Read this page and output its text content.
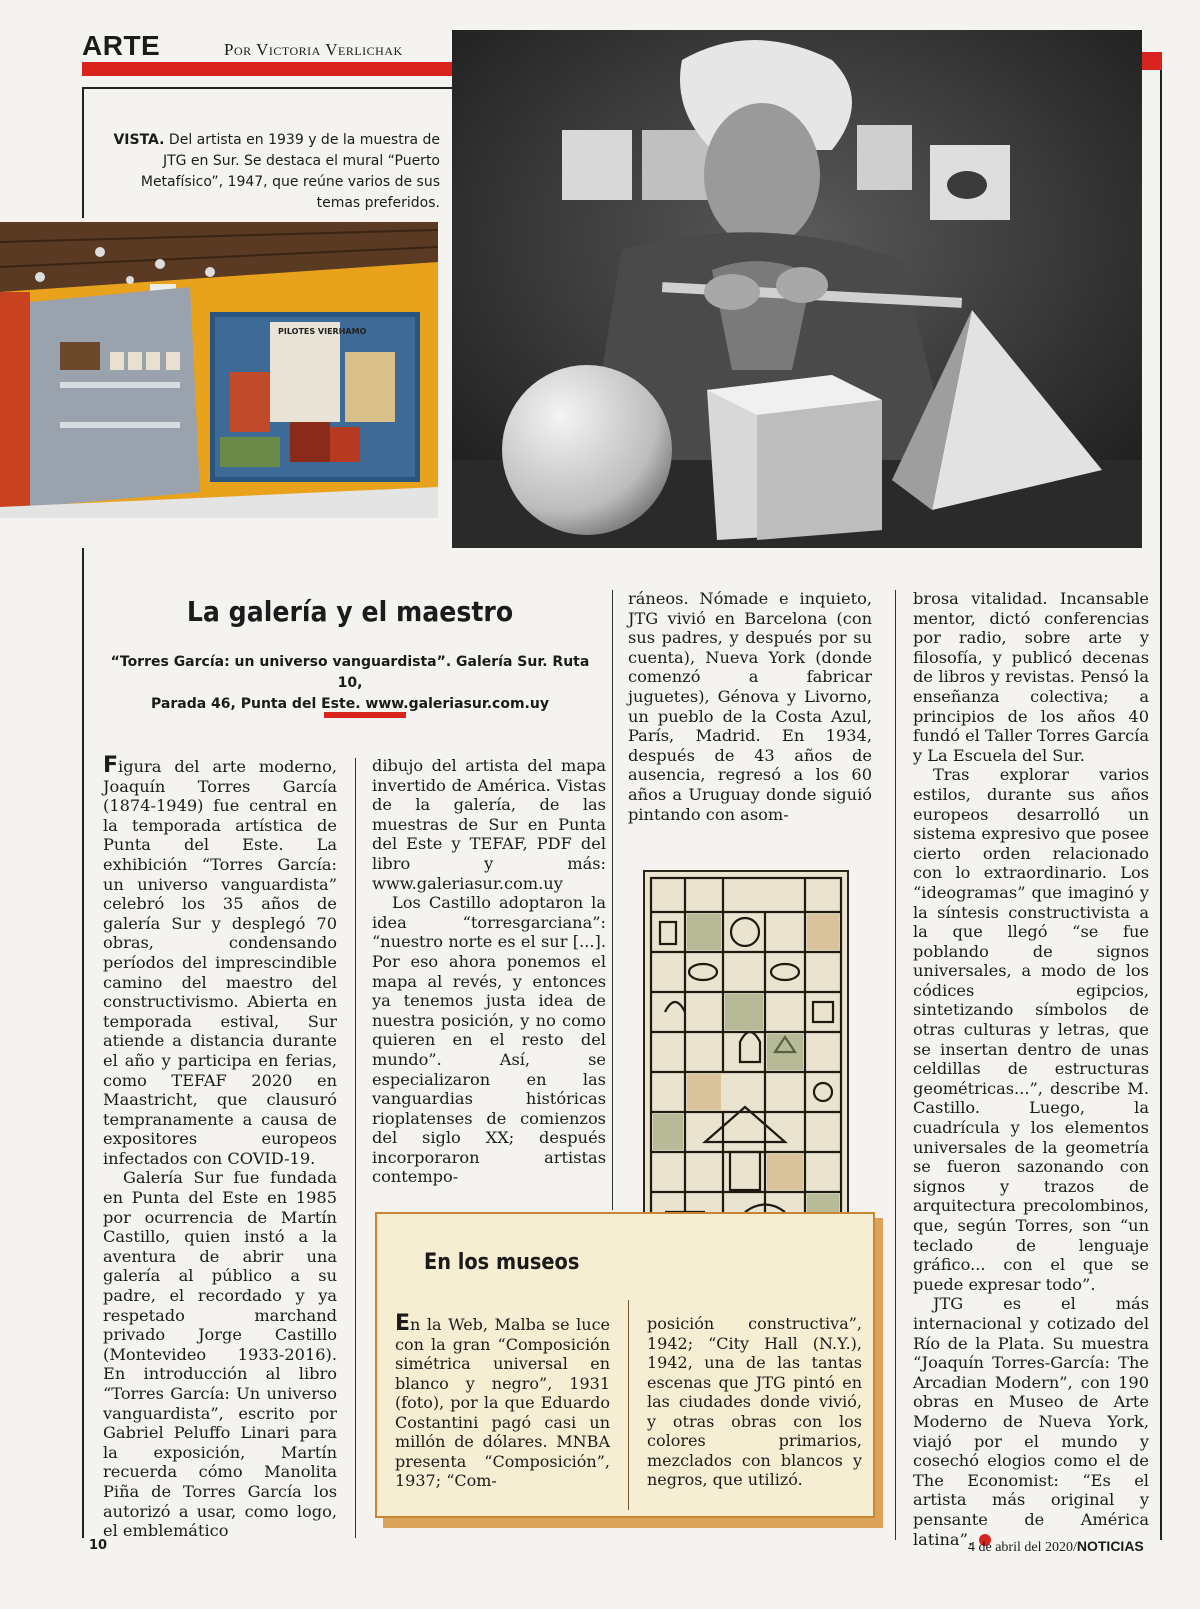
ARTE	Por Victoria Verlichak
VISTA. Del artista en 1939 y de la muestra de JTG en Sur. Se destaca el mural “Puerto Metafísico”, 1947, que reúne varios de sus temas preferidos.
PILOTES VIERHAMO
La galería y el maestro
“Torres García: un universo vanguardista”. Galería Sur. Ruta 10,
Parada 46, Punta del Este. www.galeriasur.com.uy

Figura del arte moderno, Joaquín Torres García (1874-1949) fue central en la temporada artística de Punta del Este. La exhibición “Torres García: un universo vanguardista” celebró los 35 años de galería Sur y desplegó 70 obras, condensando períodos del imprescindible camino del maestro del constructivismo. Abierta en temporada estival, Sur atiende a distancia durante el año y participa en ferias, como TEFAF 2020 en Maastricht, que clausuró tempranamente a causa de expositores europeos infectados con COVID-19.

Galería Sur fue fundada en Punta del Este en 1985 por ocurrencia de Martín Castillo, quien instó a la aventura de abrir una galería al público a su padre, el recordado y ya respetado marchand privado Jorge Castillo (Montevideo 1933-2016). En introducción al libro “Torres García: Un universo vanguardista”, escrito por Gabriel Peluffo Linari para la exposición, Martín recuerda cómo Manolita Piña de Torres García los autorizó a usar, como logo, el emblemático

dibujo del artista del mapa invertido de América. Vistas de la galería, de las muestras de Sur en Punta del Este y TEFAF, PDF del libro y más: www.galeriasur.com.uy

Los Castillo adoptaron la idea “torresgarciana”: “nuestro norte es el sur [...]. Por eso ahora ponemos el mapa al revés, y entonces ya tenemos justa idea de nuestra posición, y no como quieren en el resto del mundo”. Así, se especializaron en las vanguardias históricas rioplatenses de comienzos del siglo XX; después incorporaron artistas contempo-

ráneos. Nómade e inquieto, JTG vivió en Barcelona (con sus padres, y después por su cuenta), Nueva York (donde comenzó a fabricar juguetes), Génova y Livorno, un pueblo de la Costa Azul, París, Madrid. En 1934, después de 43 años de ausencia, regresó a los 60 años a Uruguay donde siguió pintando con asom-

brosa vitalidad. Incansable mentor, dictó conferencias por radio, sobre arte y filosofía, y publicó decenas de libros y revistas. Pensó la enseñanza colectiva; a principios de los años 40 fundó el Taller Torres García y La Escuela del Sur.

Tras explorar varios estilos, durante sus años europeos desarrolló un sistema expresivo que posee cierto orden relacionado con lo extraordinario. Los “ideogramas” que imaginó y la síntesis constructivista a la que llegó “se fue poblando de signos universales, a modo de los códices egipcios, sintetizando símbolos de otras culturas y letras, que se insertan dentro de unas celdillas de estructuras geométricas...”, describe M. Castillo. Luego, la cuadrícula y los elementos universales de la geometría se fueron sazonando con signos y trazos de arquitectura precolombinos, que, según Torres, son “un teclado de lenguaje gráfico... con el que se puede expresar todo”.

JTG es el más internacional y cotizado del Río de la Plata. Su muestra “Joaquín Torres-García: The Arcadian Modern”, con 190 obras en Museo de Arte Moderno de Nueva York, viajó por el mundo y cosechó elogios como el de The Economist: “Es el artista más original y pensante de América latina”.

En los museos
En la Web, Malba se luce con la gran “Composición simétrica universal en blanco y negro”, 1931 (foto), por la que Eduardo Costantini pagó casi un millón de dólares. MNBA presenta “Composición”, 1937; “Com-
posición constructiva”, 1942; “City Hall (N.Y.), 1942, una de las tantas escenas que JTG pintó en las ciudades donde vivió, y otras obras con los colores primarios, mezclados con blancos y negros, que utilizó.
10	4 de abril del 2020/NOTICIAS
